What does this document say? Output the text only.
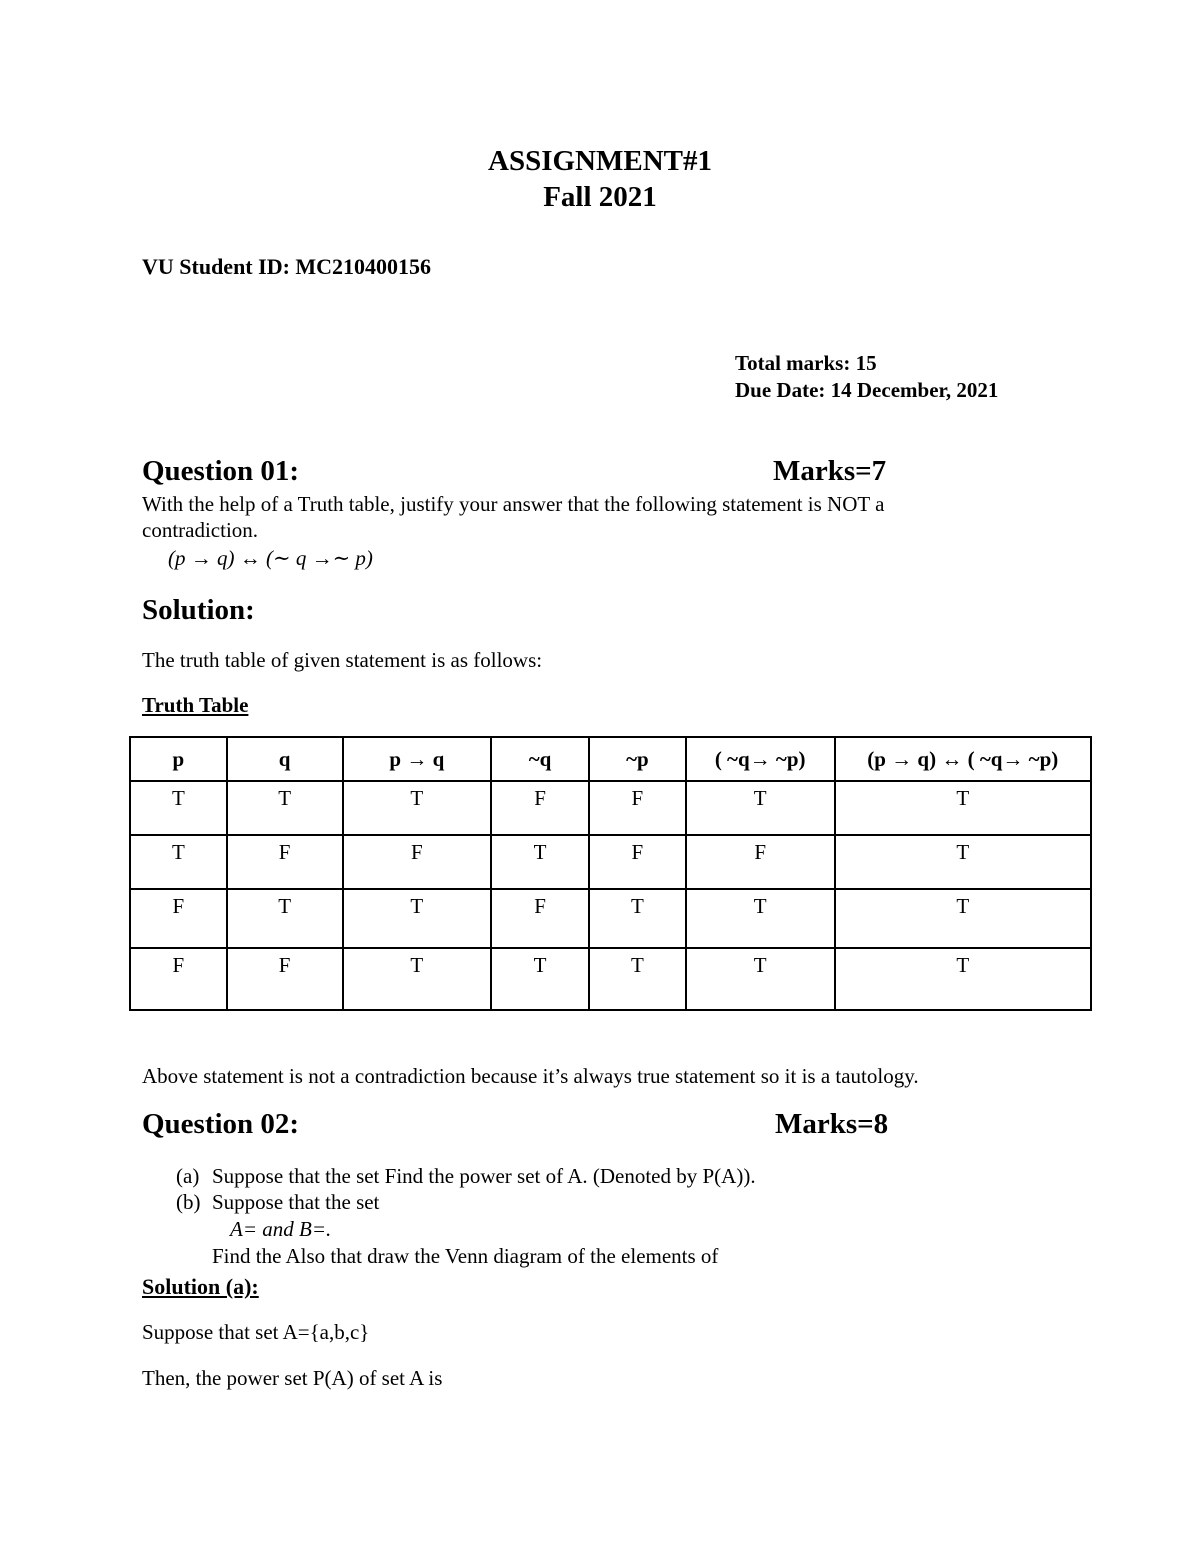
ASSIGNMENT#1
Fall 2021
VU Student ID: MC210400156
Total marks: 15
Due Date: 14 December, 2021
Question 01:	Marks=7
With the help of a Truth table, justify your answer that the following statement is NOT a
contradiction.
(p → q) ↔ (∼ q →∼ p)
Solution:
The truth table of given statement is as follows:
Truth Table
p	q	p → q	~q	~p	( ~q→ ~p)	(p → q) ↔ ( ~q→ ~p)
T	T	T	F	F	T	T
T	F	F	T	F	F	T
F	T	T	F	T	T	T
F	F	T	T	T	T	T
Above statement is not a contradiction because it’s always true statement so it is a tautology.
Question 02:	Marks=8
(a) Suppose that the set Find the power set of A. (Denoted by P(A)).
(b) Suppose that the set
A= and B=.
Find the Also that draw the Venn diagram of the elements of
Solution (a):
Suppose that set A={a,b,c}
Then, the power set P(A) of set A is
